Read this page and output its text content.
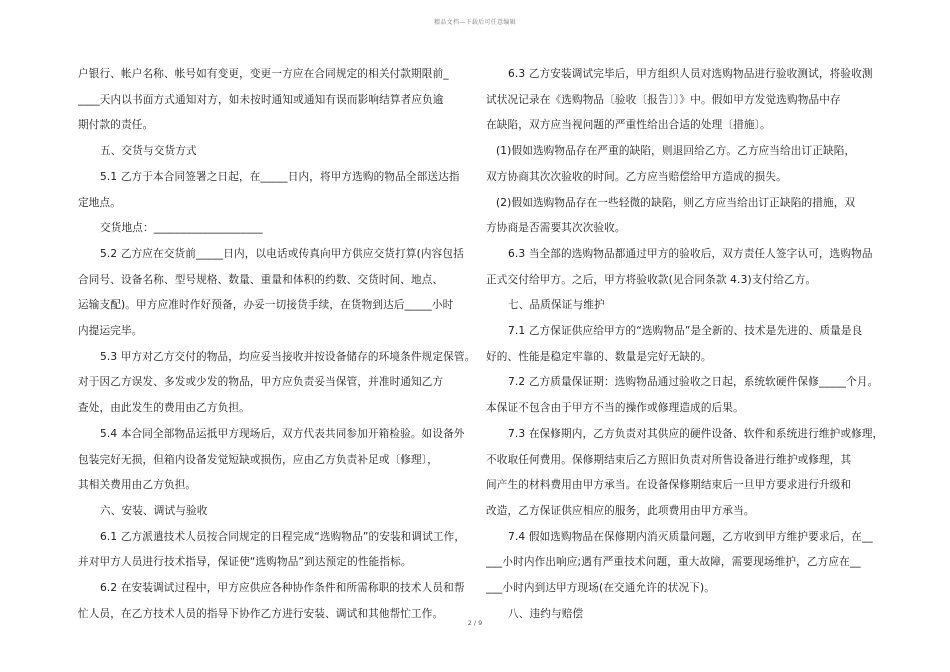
精品文档—下载后可任意编辑

户银行、帐户名称、帐号如有变更，变更一方应在合同规定的相关付款期限前_

____天内以书面方式通知对方，如未按时通知或通知有误而影响结算者应负逾

期付款的责任。

五、交货与交货方式

5.1 乙方于本合同签署之日起，在_____日内，将甲方选购的物品全部送达指

定地点。

交货地点：____________________

5.2 乙方应在交货前_____日内，以电话或传真向甲方供应交货打算(内容包括

合同号、设备名称、型号规格、数量、重量和体积的约数、交货时间、地点、

运输支配)。甲方应准时作好预备，办妥一切接货手续，在货物到达后_____小时

内提运完毕。

5.3 甲方对乙方交付的物品，均应妥当接收并按设备储存的环境条件规定保管。

对于因乙方误发、多发或少发的物品，甲方应负责妥当保管，并准时通知乙方

查处，由此发生的费用由乙方负担。

5.4 本合同全部物品运抵甲方现场后，双方代表共同参加开箱检验。如设备外

包装完好无损，但箱内设备发觉短缺或损伤，应由乙方负责补足或〔修理〕，

其相关费用由乙方负担。

六、安装、调试与验收

6.1 乙方派遣技术人员按合同规定的日程完成“选购物品”的安装和调试工作，

并对甲方人员进行技术指导，保证使“选购物品”到达预定的性能指标。

6.2 在安装调试过程中，甲方应供应各种协作条件和所需称职的技术人员和帮

忙人员，在乙方技术人员的指导下协作乙方进行安装、调试和其他帮忙工作。

6.3 乙方安装调试完毕后，甲方组织人员对选购物品进行验收测试，将验收测

试状况记录在《选购物品〔验收〔报告〕〕》中。假如甲方发觉选购物品中存

在缺陷，双方应当视问题的严重性给出合适的处理〔措施〕。

(1)假如选购物品存在严重的缺陷，则退回给乙方。乙方应当给出订正缺陷，

双方协商其次次验收的时间。乙方应当赔偿给甲方造成的损失。

(2)假如选购物品存在一些轻微的缺陷，则乙方应当给出订正缺陷的措施，双

方协商是否需要其次次验收。

6.3 当全部的选购物品都通过甲方的验收后，双方责任人签字认可，选购物品

正式交付给甲方。之后，甲方将验收款(见合同条款 4.3)支付给乙方。

七、品质保证与维护

7.1 乙方保证供应给甲方的“选购物品”是全新的、技术是先进的、质量是良

好的、性能是稳定牢靠的、数量是完好无缺的。

7.2 乙方质量保证期：选购物品通过验收之日起，系统软硬件保修_____个月。

本保证不包含由于甲方不当的操作或修理造成的后果。

7.3 在保修期内，乙方负责对其供应的硬件设备、软件和系统进行维护或修理，

不收取任何费用。保修期结束后乙方照旧负责对所售设备进行维护或修理，其

间产生的材料费用由甲方承当。在设备保修期结束后一旦甲方要求进行升级和

改造，乙方保证供应相应的服务，此项费用由甲方承当。

7.4 假如选购物品在保修期内消灭质量问题，乙方收到甲方维护要求后，在__

___小时内作出响应;遇有严重技术问题，重大故障，需要现场维护，乙方应在__

___小时内到达甲方现场(在交通允许的状况下)。

八、违约与赔偿

2 / 9
